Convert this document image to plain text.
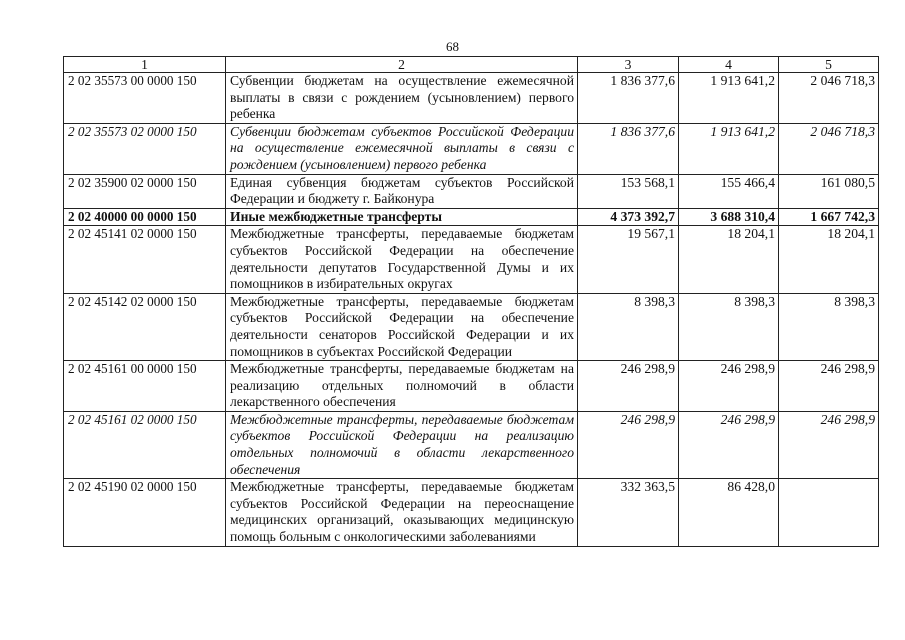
68
1	2	3	4	5
2 02 35573 00 0000 150	Субвенции бюджетам на осуществление ежемесячной выплаты в связи с рождением (усыновлением) первого ребенка	1 836 377,6	1 913 641,2	2 046 718,3
2 02 35573 02 0000 150	Субвенции бюджетам субъектов Российской Федерации на осуществление ежемесячной выплаты в связи с рождением (усыновлением) первого ребенка	1 836 377,6	1 913 641,2	2 046 718,3
2 02 35900 02 0000 150	Единая субвенция бюджетам субъектов Российской Федерации и бюджету г. Байконура	153 568,1	155 466,4	161 080,5
2 02 40000 00 0000 150	Иные межбюджетные трансферты	4 373 392,7	3 688 310,4	1 667 742,3
2 02 45141 02 0000 150	Межбюджетные трансферты, передаваемые бюджетам субъектов Российской Федерации на обеспечение деятельности депутатов Государственной Думы и их помощников в избирательных округах	19 567,1	18 204,1	18 204,1
2 02 45142 02 0000 150	Межбюджетные трансферты, передаваемые бюджетам субъектов Российской Федерации на обеспечение деятельности сенаторов Российской Федерации и их помощников в субъектах Российской Федерации	8 398,3	8 398,3	8 398,3
2 02 45161 00 0000 150	Межбюджетные трансферты, передаваемые бюджетам на реализацию отдельных полномочий в области лекарственного обеспечения	246 298,9	246 298,9	246 298,9
2 02 45161 02 0000 150	Межбюджетные трансферты, передаваемые бюджетам субъектов Российской Федерации на реализацию отдельных полномочий в области лекарственного обеспечения	246 298,9	246 298,9	246 298,9
2 02 45190 02 0000 150	Межбюджетные трансферты, передаваемые бюджетам субъектов Российской Федерации на переоснащение медицинских организаций, оказывающих медицинскую помощь больным с онкологическими заболеваниями	332 363,5	86 428,0	
